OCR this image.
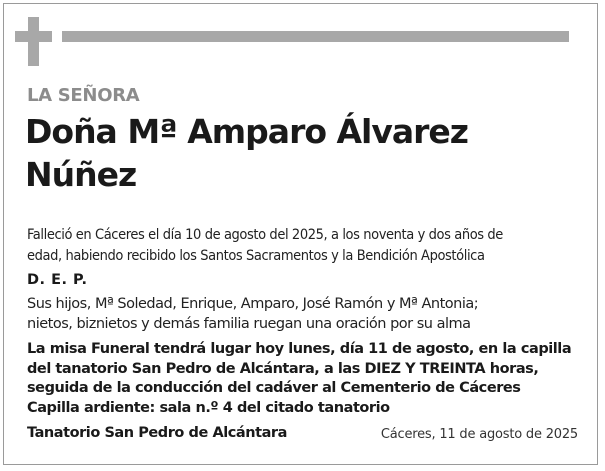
LA SEÑORA
Doña Mª Amparo Álvarez
Núñez
Falleció en Cáceres el día 10 de agosto del 2025, a los noventa y dos años de
edad, habiendo recibido los Santos Sacramentos y la Bendición Apostólica
D. E. P.
Sus hijos, Mª Soledad, Enrique, Amparo, José Ramón y Mª Antonia;
nietos, biznietos y demás familia ruegan una oración por su alma
La misa Funeral tendrá lugar hoy lunes, día 11 de agosto, en la capilla
del tanatorio San Pedro de Alcántara, a las DIEZ Y TREINTA horas,
seguida de la conducción del cadáver al Cementerio de Cáceres
Capilla ardiente: sala n.º 4 del citado tanatorio
Tanatorio San Pedro de Alcántara	Cáceres, 11 de agosto de 2025
